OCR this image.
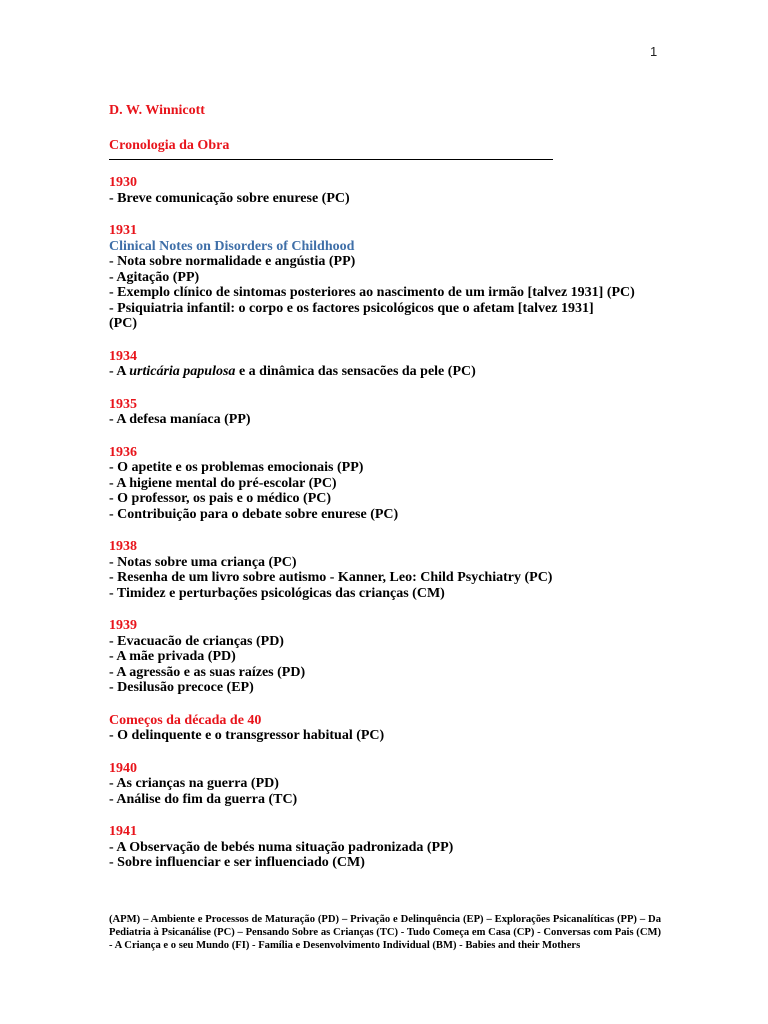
1

D. W. Winnicott

Cronologia da Obra

1930
- Breve comunicação sobre enurese (PC)
1931
Clinical Notes on Disorders of Childhood
- Nota sobre normalidade e angústia (PP)
- Agitação (PP)
- Exemplo clínico de sintomas posteriores ao nascimento de um irmão [talvez 1931] (PC)
- Psiquiatria infantil: o corpo e os factores psicológicos que o afetam [talvez 1931]
(PC)
1934
- A urticária papulosa e a dinâmica das sensacões da pele (PC)
1935
- A defesa maníaca (PP)
1936
- O apetite e os problemas emocionais (PP)
- A higiene mental do pré-escolar (PC)
- O professor, os pais e o médico (PC)
- Contribuição para o debate sobre enurese (PC)
1938
- Notas sobre uma criança (PC)
- Resenha de um livro sobre autismo - Kanner, Leo: Child Psychiatry (PC)
- Timidez e perturbações psicológicas das crianças (CM)
1939
- Evacuacão de crianças (PD)
- A mãe privada (PD)
- A agressão e as suas raízes (PD)
- Desilusão precoce (EP)
Começos da década de 40
- O delinquente e o transgressor habitual (PC)
1940
- As crianças na guerra (PD)
- Análise do fim da guerra (TC)
1941
- A Observação de bebés numa situação padronizada (PP)
- Sobre influenciar e ser influenciado (CM)
(APM) – Ambiente e Processos de Maturação (PD) – Privação e Delinquência (EP) – Explorações Psicanalíticas (PP) – Da Pediatria à Psicanálise (PC) – Pensando Sobre as Crianças (TC) - Tudo Começa em Casa (CP) - Conversas com Pais (CM) - A Criança e o seu Mundo (FI) - Família e Desenvolvimento Individual (BM) - Babies and their Mothers
